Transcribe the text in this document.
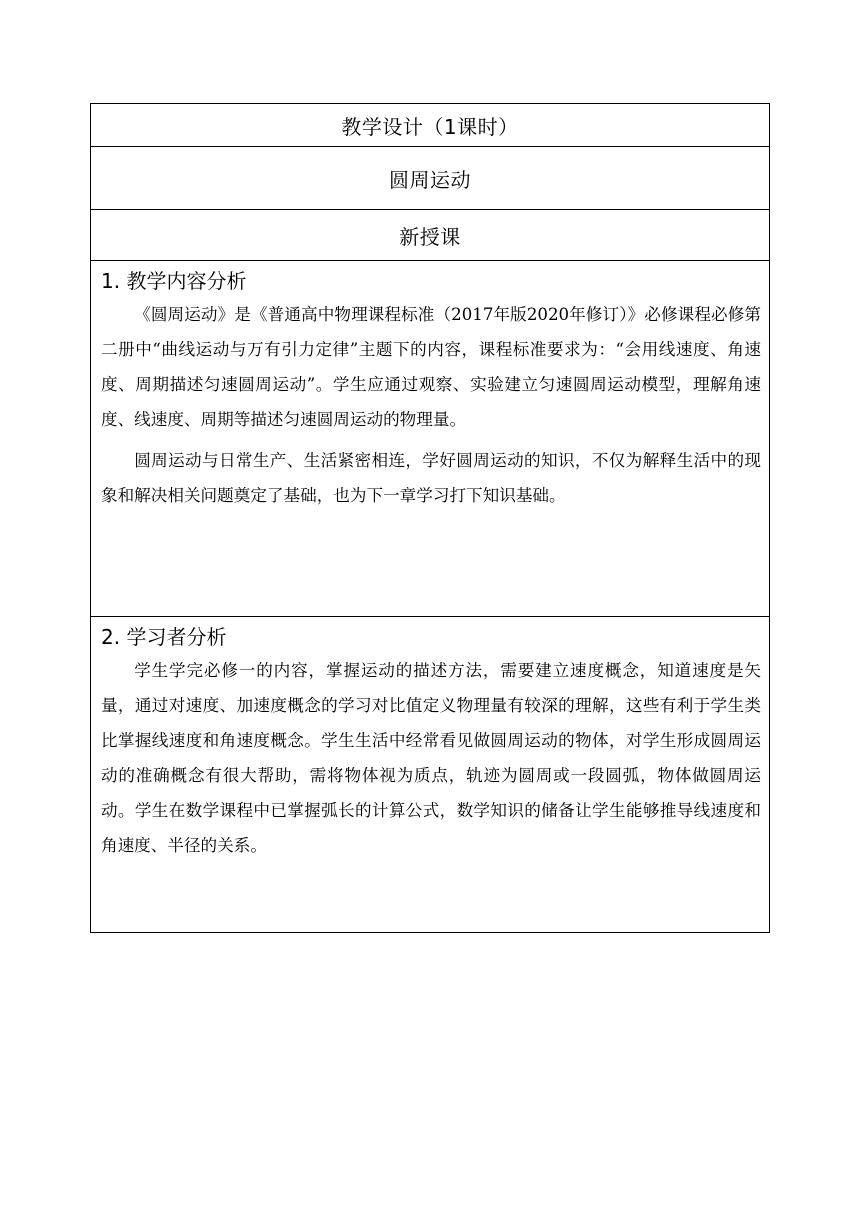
教学设计（1课时）
圆周运动
新授课
1. 教学内容分析

《圆周运动》是《普通高中物理课程标准（2017年版2020年修订）》必修课程必修第二册中“曲线运动与万有引力定律”主题下的内容，课程标准要求为：“会用线速度、角速度、周期描述匀速圆周运动”。学生应通过观察、实验建立匀速圆周运动模型，理解角速度、线速度、周期等描述匀速圆周运动的物理量。

圆周运动与日常生产、生活紧密相连，学好圆周运动的知识，不仅为解释生活中的现象和解决相关问题奠定了基础，也为下一章学习打下知识基础。

2. 学习者分析

学生学完必修一的内容，掌握运动的描述方法，需要建立速度概念，知道速度是矢量，通过对速度、加速度概念的学习对比值定义物理量有较深的理解，这些有利于学生类比掌握线速度和角速度概念。学生生活中经常看见做圆周运动的物体，对学生形成圆周运动的准确概念有很大帮助，需将物体视为质点，轨迹为圆周或一段圆弧，物体做圆周运动。学生在数学课程中已掌握弧长的计算公式，数学知识的储备让学生能够推导线速度和角速度、半径的关系。
